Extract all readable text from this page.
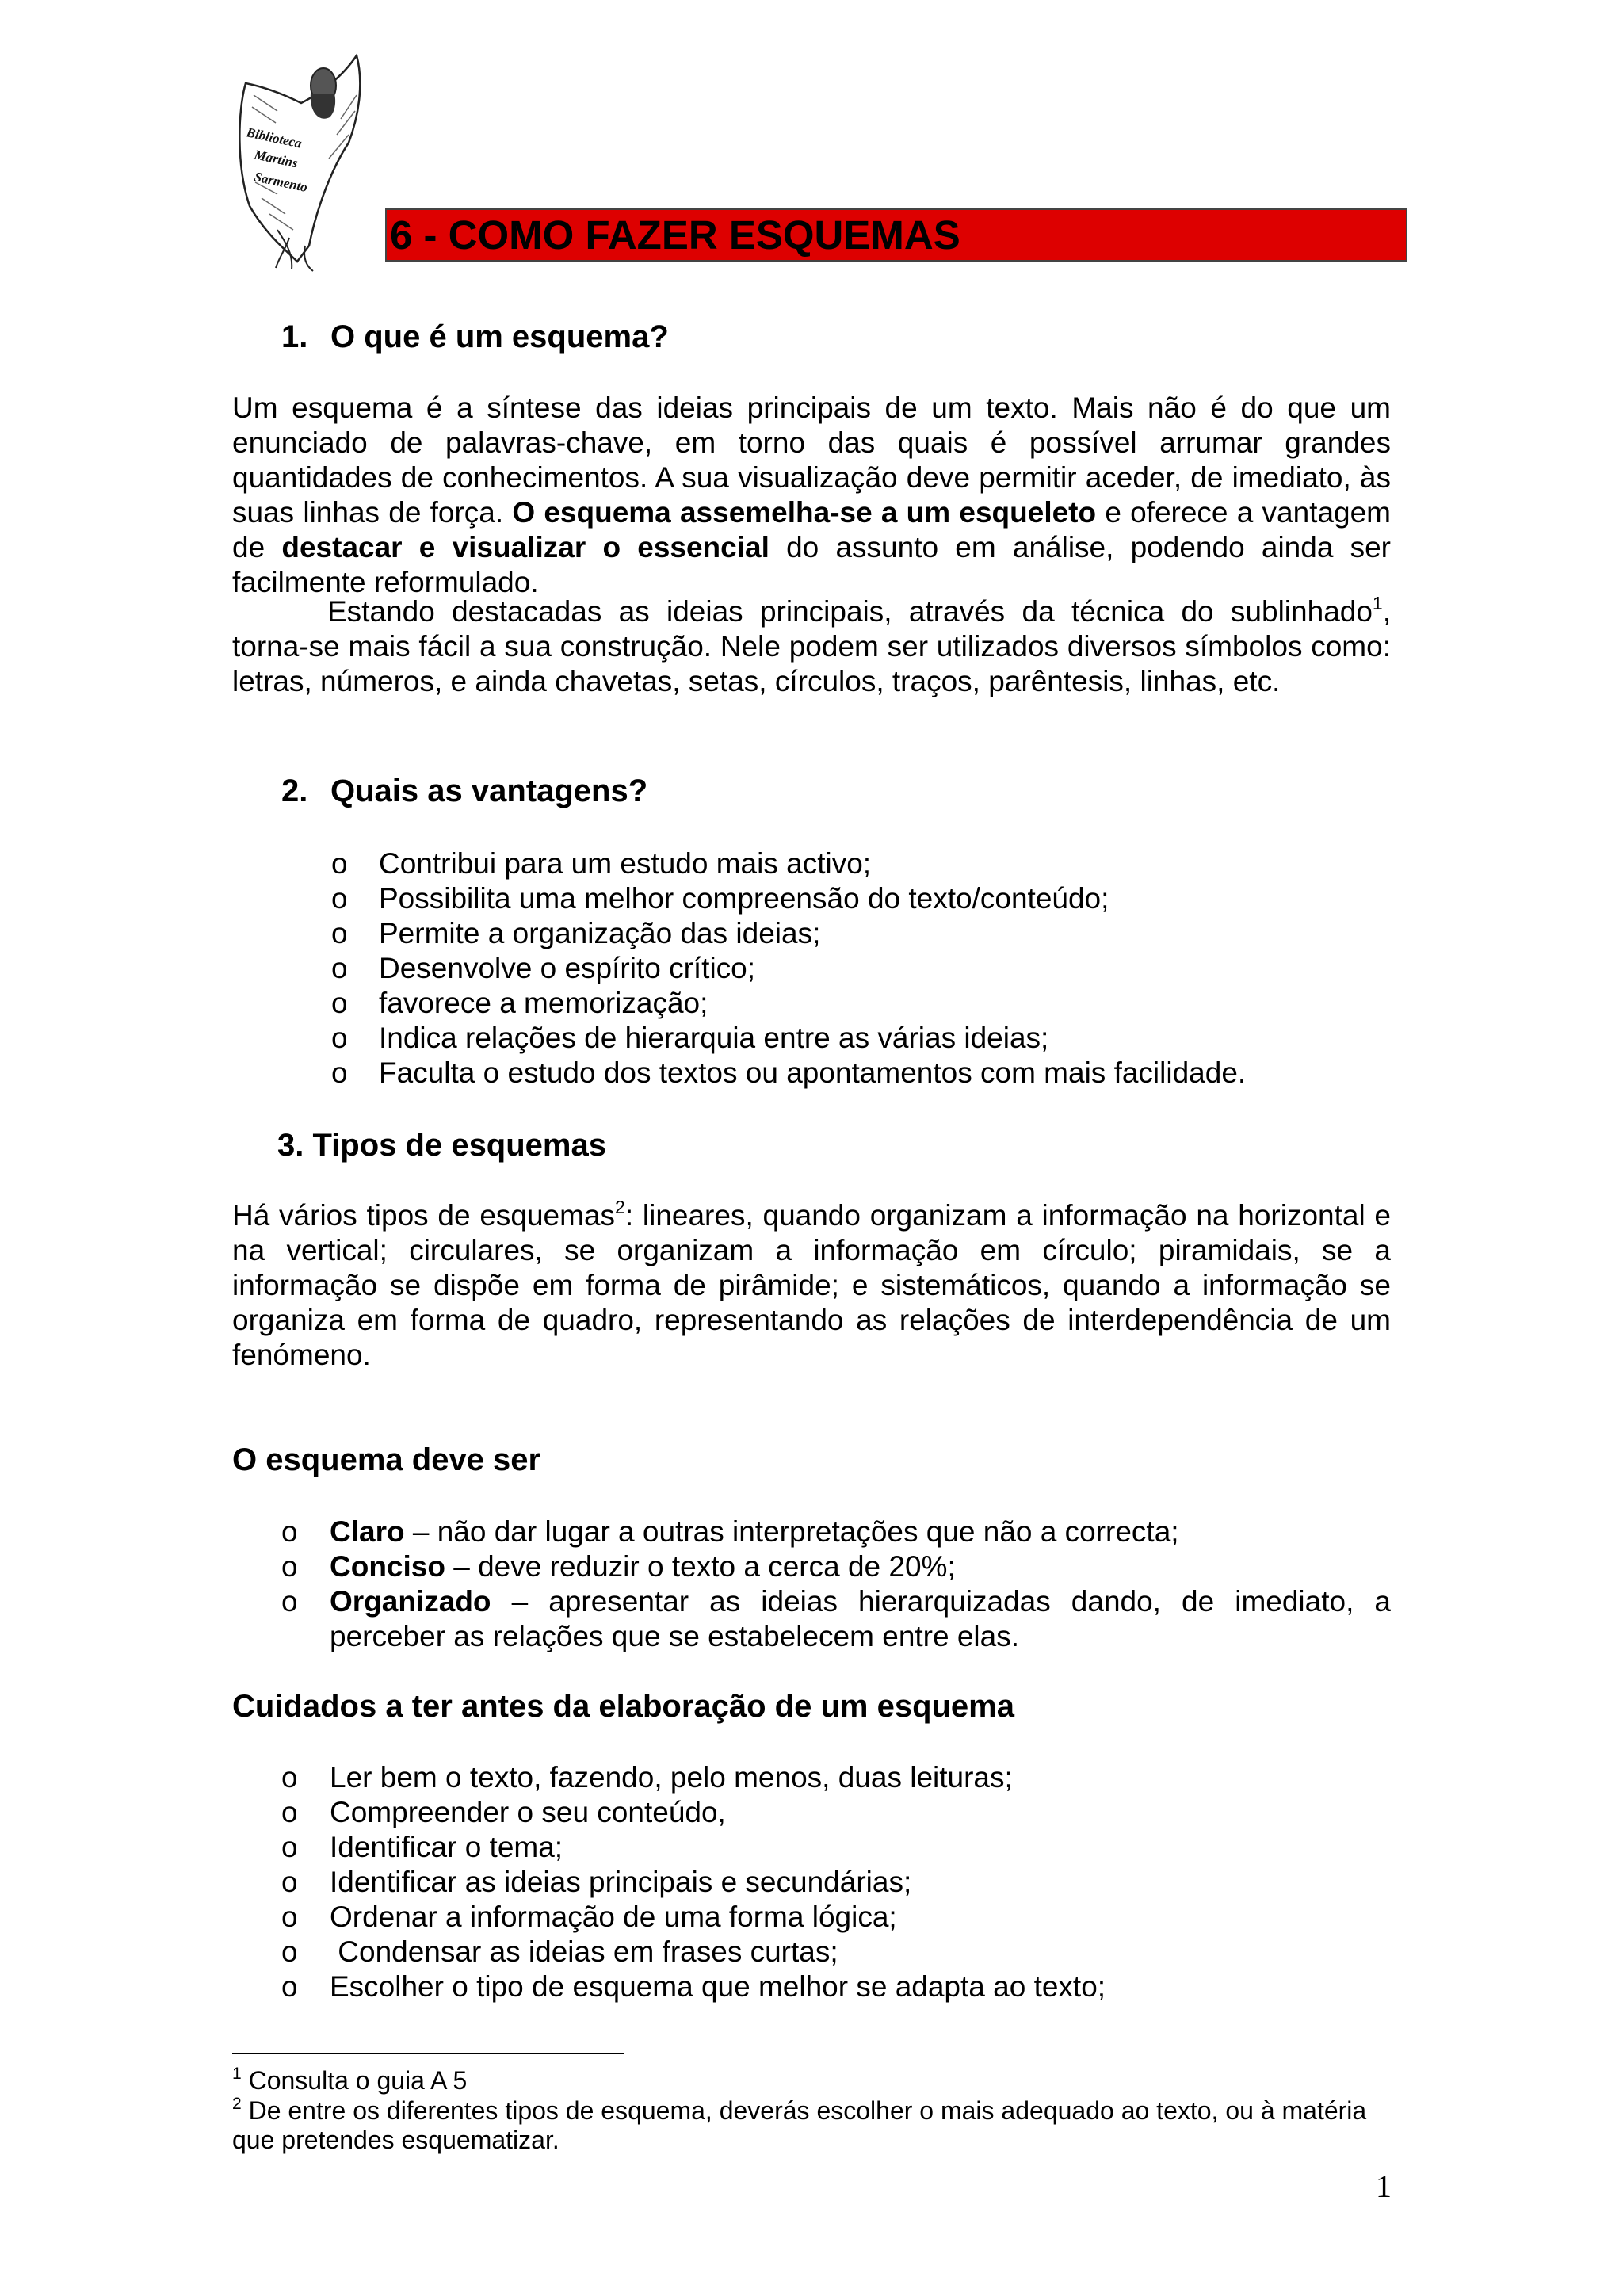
Biblioteca
Martins
Sarmento
6 - COMO FAZER ESQUEMAS
1. O que é um esquema?
Um esquema é a síntese das ideias principais de um texto. Mais não é do que um enunciado de palavras-chave, em torno das quais é possível arrumar grandes quantidades de conhecimentos. A sua visualização deve permitir aceder, de imediato, às suas linhas de força. O esquema assemelha-se a um esqueleto e oferece a vantagem de destacar e visualizar o essencial do assunto em análise, podendo ainda ser facilmente reformulado.
Estando destacadas as ideias principais, através da técnica do sublinhado$^1$, torna-se mais fácil a sua construção. Nele podem ser utilizados diversos símbolos como: letras, números, e ainda chavetas, setas, círculos, traços, parêntesis, linhas, etc.
2. Quais as vantagens?
o Contribui para um estudo mais activo;
o Possibilita uma melhor compreensão do texto/conteúdo;
o Permite a organização das ideias;
o Desenvolve o espírito crítico;
o favorece a memorização;
o Indica relações de hierarquia entre as várias ideias;
o Faculta o estudo dos textos ou apontamentos com mais facilidade.
3. Tipos de esquemas
Há vários tipos de esquemas$^2$: lineares, quando organizam a informação na horizontal e na vertical; circulares, se organizam a informação em círculo; piramidais, se a informação se dispõe em forma de pirâmide; e sistemáticos, quando a informação se organiza em forma de quadro, representando as relações de interdependência de um fenómeno.
O esquema deve ser
o Claro – não dar lugar a outras interpretações que não a correcta;
o Conciso – deve reduzir o texto a cerca de 20%;
o Organizado – apresentar as ideias hierarquizadas dando, de imediato, a perceber as relações que se estabelecem entre elas.
Cuidados a ter antes da elaboração de um esquema
o Ler bem o texto, fazendo, pelo menos, duas leituras;
o Compreender o seu conteúdo,
o Identificar o tema;
o Identificar as ideias principais e secundárias;
o Ordenar a informação de uma forma lógica;
o Condensar as ideias em frases curtas;
o Escolher o tipo de esquema que melhor se adapta ao texto;
$^1$ Consulta o guia A 5
$^2$ De entre os diferentes tipos de esquema, deverás escolher o mais adequado ao texto, ou à matéria que pretendes esquematizar.
1
